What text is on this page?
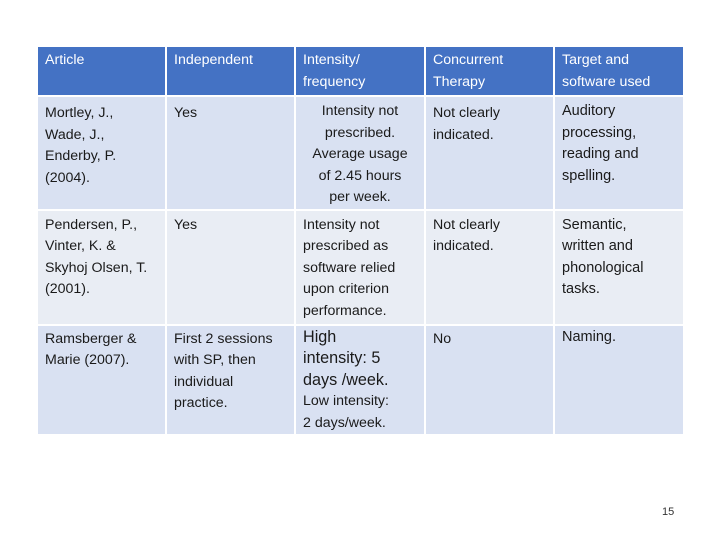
Article	Independent	Intensity/
frequency	Concurrent
Therapy	Target and
software used

Mortley, J.,
Wade, J.,
Enderby, P.
(2004).	Yes	Intensity not
prescribed.
Average usage
of 2.45 hours
per week.	Not clearly
indicated.	Auditory
processing,
reading and
spelling.

Pendersen, P.,
Vinter, K. &
Skyhoj Olsen, T.
(2001).	Yes	Intensity not
prescribed as
software relied
upon criterion
performance.	Not clearly
indicated.	Semantic,
written and
phonological
tasks.

Ramsberger &
Marie (2007).	First 2 sessions
with SP, then
individual
practice.	High
intensity: 5
days /week.
Low intensity:
2 days/week.	No	Naming.
15
